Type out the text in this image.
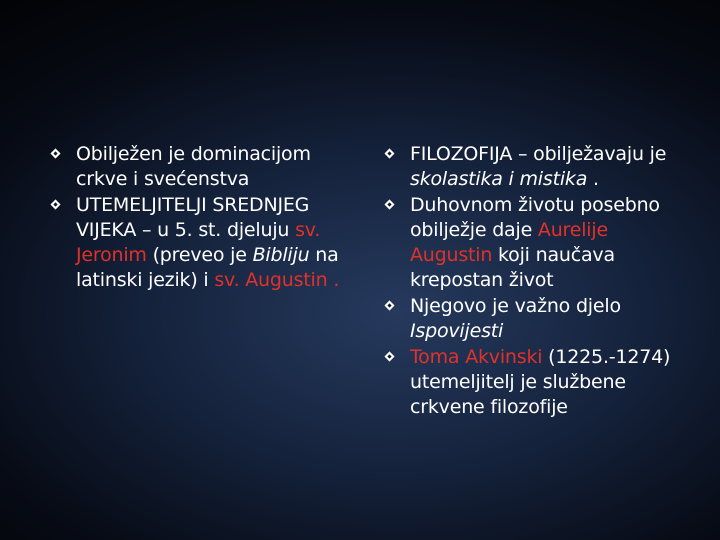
Obilježen je dominacijom crkve i svećenstva
UTEMELJITELJI SREDNJEG VIJEKA – u 5. st. djeluju sv. Jeronim (preveo je Bibliju na latinski jezik) i sv. Augustin .
FILOZOFIJA – obilježavaju je skolastika i mistika .
Duhovnom životu posebno obilježje daje Aurelije Augustin koji naučava krepostan život
Njegovo je važno djelo Ispovijesti
Toma Akvinski (1225.-1274) utemeljitelj je službene crkvene filozofije
